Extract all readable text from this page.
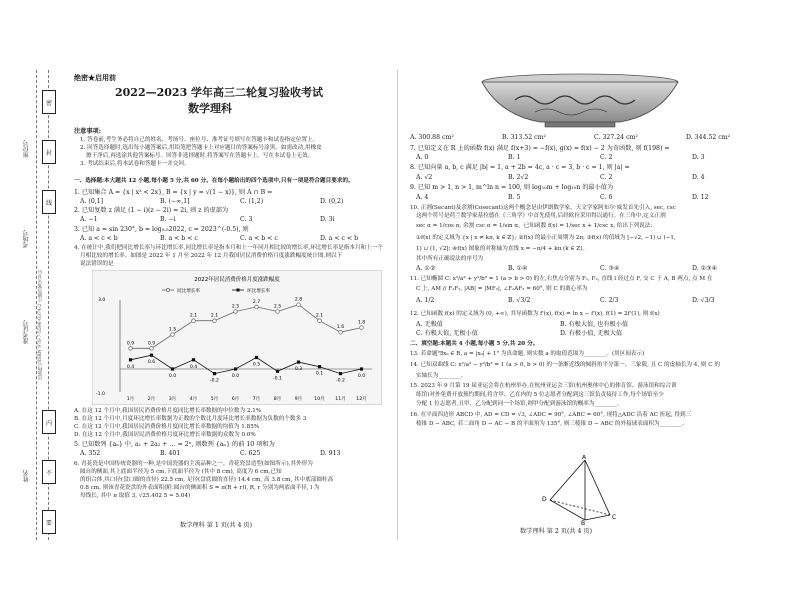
座位号
考场号
准考证号
姓名
出版物号ISBN 978-7-5596-0374-2 正确答案见书后
密
封
线
内
不
要
绝密★启用前
2022—2023 学年高三二轮复习验收考试
数学理科
注意事项:
1. 答卷前,考生务必将自己的姓名、考场号、座位号、准考证号填写在答题卡和试卷指定位置上。
2. 回答选择题时,选出每小题答案后,用铅笔把答题卡上对应题目的答案标号涂黑。如需改动,用橡皮
擦干净后,再选涂其他答案标号。回答非选择题时,将答案写在答题卡上。写在本试卷上无效。
3. 考试结束后,将本试卷和答题卡一并交回。
一、选择题:本大题共 12 小题,每小题 5 分,共 60 分。在每小题给出的四个选项中,只有一项是符合题目要求的。
1. 已知集合 A = {x | x² < 2x}, B = {x | y = √(1 − x)}, 则 A ∩ B =
A. (0,1]	B. (−∞,1]	C. (1,2)	D. (0,2)
2. 已知复数 z 满足 (1 − i)(z − 2i) = 2i, 则 z 的虚部为
A. −1	B. −i	C. 3	D. 3i
3. 已知 a = sin 230°, b = log₀.₅2022, c = 2023^(-0.5), 则
A. a < c < b	B. a < b < c	C. a < b < c	D. a < c < b
4. 在统计中,我们把同比增长率与环比增长率,同比增长率是指本月和上一年同月相比较的增长率,环比增长率是指本月和上一个
月相比较的增长率。如图是 2022 年 1 月至 2022 年 12 月我国居民消费价格月度涨跌幅度统计图,则以下
说法错误的是
2022年居民消费价格月度涨跌幅度
同比增长率	环比增长率
3.0
-1.0
1月	2月	3月	4月	5月	6月	7月	8月	9月	10月 11月 12月
0.9	0.9
1.5
2.1	2.1
2.5
2.7
2.5
2.8
2.1
1.6
1.8
0.4
0.6
0.0
0.4
-0.2
0.0
0.5
-0.1
0.3
0.1
-0.2
0.0
A. 在这 12 个月中,我国居民消费价格月度同比增长率数据的中位数为 2.1%
B. 在这 12 个月中,月度环比增长率数据为正数的个数比月度环比增长率数据为负数的个数多 3
C. 在这 12 个月中,我国居民消费价格月度同比增长率数据的均值为 1.85%
D. 在这 12 个月中,我国居民消费价格月度环比增长率数据的众数为 0.0%
5. 已知数列 {aₙ} 中, a₁ + 2a₂ + … = 2ⁿ, 则数列 {aₙ} 的前 10 项和为
A. 352	B. 401	C. 625	D. 913
6. 青花瓷是中国传统瓷器的一种,是中国瓷器的主流品种之一。青花瓷盘造型(如图所示),其外形为
圆台的侧面,其上底面半径为 5 cm,下底面半径为 (其中 8 cm), 高度为 6 cm,已知
的组合体,其口径(盘口圆的直径) 22.5 cm, 足径(盘底圆的直径) 14.4 cm, 高 3.8 cm, 其中底部圆柱高
0.8 cm, 则该青花瓷盘的外表面积(附:圆台的侧面积 S = π(R + r)l, R, r 分别为两底面半径, l 为
母线长, 其中 π 取值 3, √25.402 5 ≈ 5.04)
数学理科 第 1 页(共 4 页)
A. 300.88 cm²	B. 313.52 cm²	C. 327.24 cm²	D. 344.52 cm²
7. 已知定义在 R 上的函数 f(x) 满足 f(x+3) = −f(x), g(x) = f(x) − 2 为奇函数, 则 f(198) =
A. 0	B. 1	C. 2	D. 3
8. 已知向量 a, b, c 满足 |b| = 1, a + 2b = 4c, a · c = 3, b · c = 1, 则 |a| =
A. √2	B. 2√2	C. 2	D. 4
9. 已知 m > 1, n > 1, m^ln n = 100, 则 log₁₀m + log₁₀n 的最小值为
A. 4	B. 5	C. 6	D. 12
10. 正割(Secant)及余割(Cosecant)这两个概念是由伊朗数学家、天文学家阿布尔·威发首先引入, sec, csc
这两个符号是荷兰数学家基拉德在《三角学》中首先使用,后经欧拉采用得以通行。在三角中,定义正割
sec α = 1/cos α, 余割 csc α = 1/sin α。已知函数 f(x) = 1/sec x + 1/csc x, 给出下列说法:
①f(x) 的定义域为 {x | x ≠ kπ, k ∈ Z}; ②f(x) 的最小正周期为 2π; ③f(x) 的值域为 [−√2, −1) ∪ (−1,
1) ∪ (1, √2]; ④f(x) 图象的对称轴为直线 x = −π/4 + kπ (k ∈ Z)。
其中所有正确说法的序号为
A. ①②	B. ①④	C. ③④	D. ②③④
11. 已知椭圆 C: x²/a² + y²/b² = 1 (a > b > 0) 的左,右焦点分别为 F₁, F₂, 直线 l 经过点 F, 交 C 于 A, B 两点, 点 M 在
C 上, AM // F₁F₂, |AB| = |MF₂|, ∠F₁AF₂ = 60°, 则 C 的离心率为
A. 1/2	B. √3/2	C. 2/3	D. √3/3
12. 已知函数 f(x) 的定义域为 (0, +∞), 其导函数为 f'(x), f(x) = ln x − f'(x), f(1) = 2f'(1), 则 f(x)
A. 无极值	B. 有极大值, 也有极小值
C. 有极大值, 无极小值	D. 有极小值, 无极大值
二、填空题:本题共 4 小题,每小题 5 分,共 20 分。
13. 若命题"∃x₀ ∈ R, a = |x₀| + 1" 为真命题, 则实数 a 的取值范围为________。(用区间表示)
14. 已知双曲线 C: x²/a² − y²/b² = 1 (a > 0, b > 0) 的一条渐近线的倾斜角平分第一、三象限, 且 C 的虚轴长为 4, 则 C 的
实轴长为________。
15. 2023 年 9 月第 19 届亚运会将在杭州举办,在杭州亚运会三馆(杭州奥体中心的体育馆、游泳馆和综合训
练馆)对外免费开放预约期间,将含甲、乙在内的 5 位志愿者分配到这三馆负责接待工作,每个场馆至少
分配 1 位志愿者,且甲、乙分配到同一个场馆,则甲分配到游泳馆的概率为________。
16. 在平面四边形 ABCD 中, AD = CD = √3, ∠ADC = 90°, ∠ABC = 60°, 现将△ADC 沿着 AC 折起, 得到三
棱锥 D − ABC, 若二面角 D − AC − B 的平面角为 135°, 则三棱锥 D − ABC 的外接球表面积为________。
D
A
B
C
数学理科 第 2 页(共 4 页)
